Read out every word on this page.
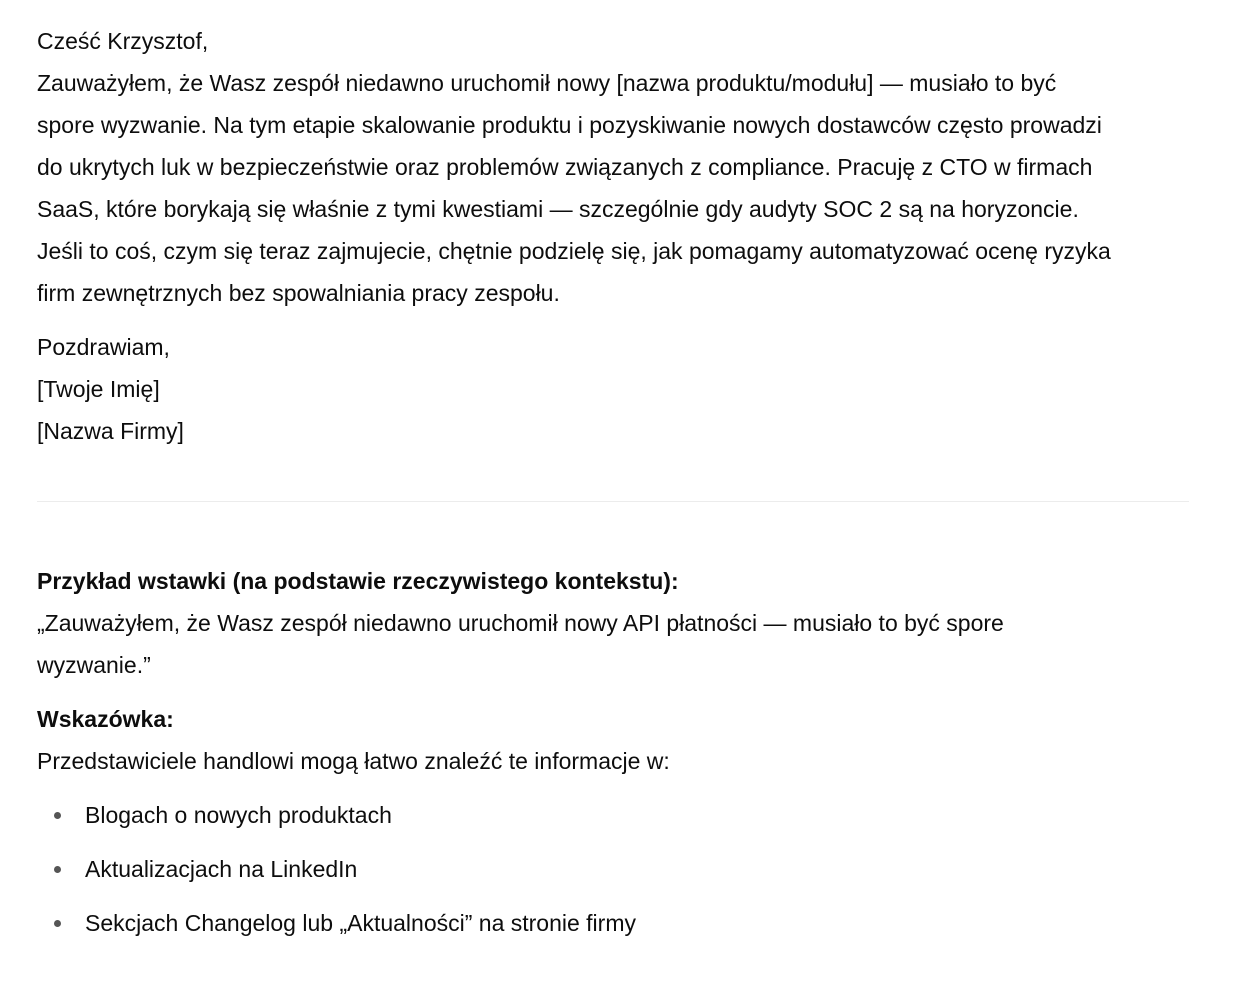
Cześć Krzysztof,
Zauważyłem, że Wasz zespół niedawno uruchomił nowy [nazwa produktu/modułu] — musiało to być
spore wyzwanie. Na tym etapie skalowanie produktu i pozyskiwanie nowych dostawców często prowadzi
do ukrytych luk w bezpieczeństwie oraz problemów związanych z compliance. Pracuję z CTO w firmach
SaaS, które borykają się właśnie z tymi kwestiami — szczególnie gdy audyty SOC 2 są na horyzoncie.
Jeśli to coś, czym się teraz zajmujecie, chętnie podzielę się, jak pomagamy automatyzować ocenę ryzyka
firm zewnętrznych bez spowalniania pracy zespołu.
Pozdrawiam,
[Twoje Imię]
[Nazwa Firmy]
Przykład wstawki (na podstawie rzeczywistego kontekstu):
„Zauważyłem, że Wasz zespół niedawno uruchomił nowy API płatności — musiało to być spore
wyzwanie.”
Wskazówka:
Przedstawiciele handlowi mogą łatwo znaleźć te informacje w:
Blogach o nowych produktach
Aktualizacjach na LinkedIn
Sekcjach Changelog lub „Aktualności” na stronie firmy
